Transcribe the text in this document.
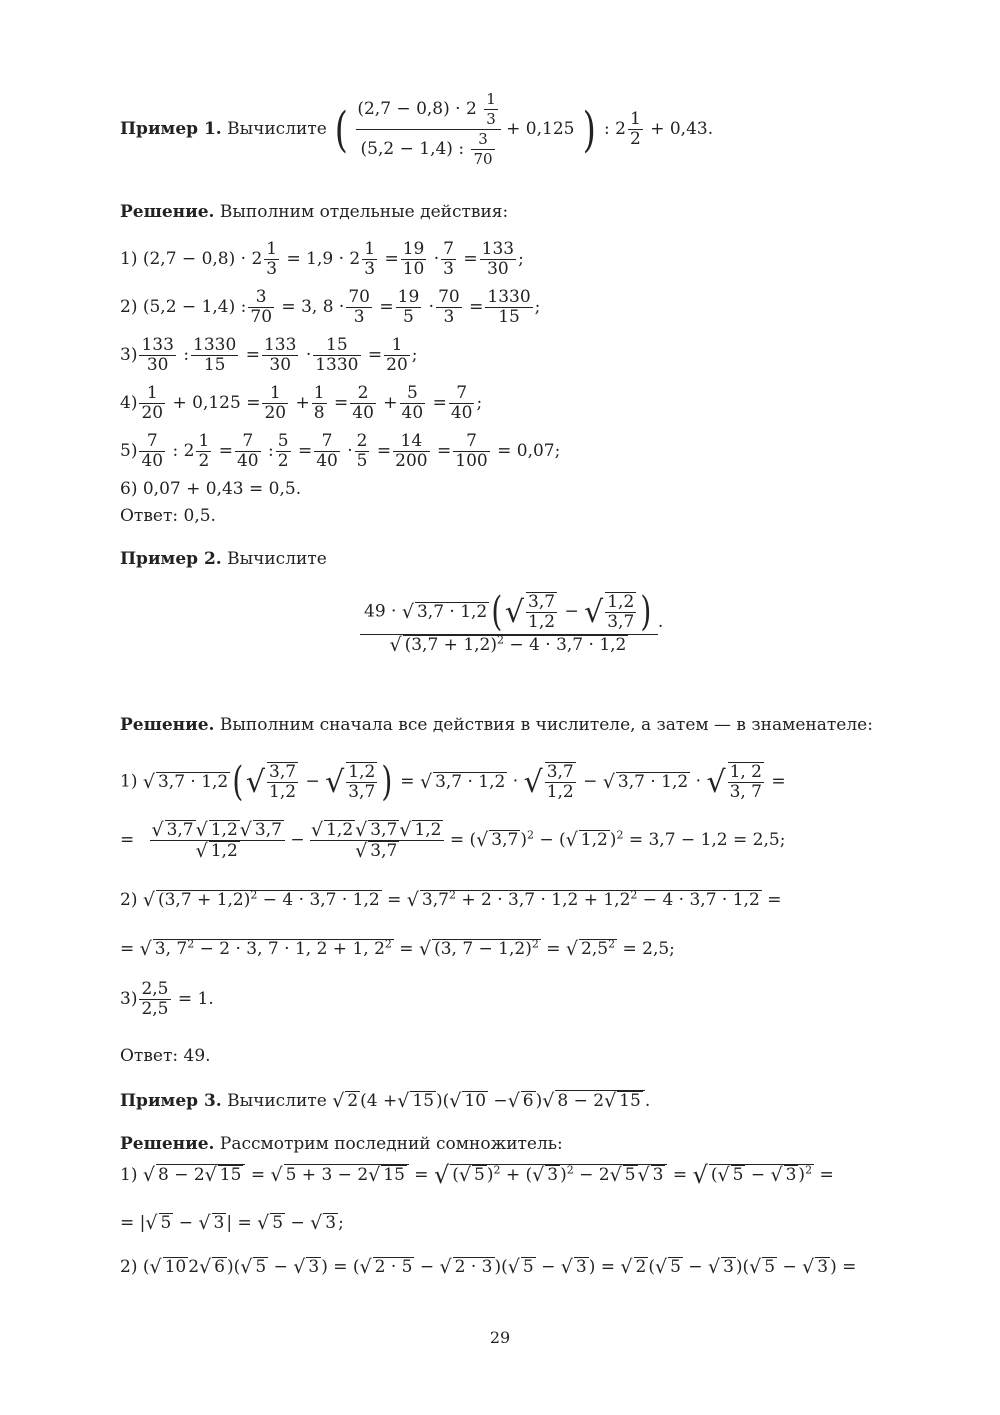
Пример 1. Вычислите ( $\frac{(2,7 - 0,8) \cdot 2 \frac{1}{3}}{(5,2 - 1,4) : \frac{3}{70}} + 0,125$ ) : $2 \frac{1}{2} + 0,43$.
Решение. Выполним отдельные действия:
1) $(2,7 - 0,8) \cdot 2 \frac{1}{3} = 1,9 \cdot 2 \frac{1}{3} = \frac{19}{10} \cdot \frac{7}{3} = \frac{133}{30}$ ;
2) (5,2 − 1,4) : $\frac{3}{70} = 3$, $8 \cdot \frac{70}{3} = \frac{19}{5} \cdot \frac{70}{3} = \frac{1330}{15}$ ;
$3) \frac{133}{30}$ : $\frac{1330}{15} = \frac{133}{30} \cdot \frac{15}{1330} = \frac{1}{20}$ ;
$4) \frac{1}{20} + 0,125 = \frac{1}{20} + \frac{1}{8} = \frac{2}{40} + \frac{5}{40} = \frac{7}{40}$ ;
$5) \frac{7}{40}$ : $2 \frac{1}{2} = \frac{7}{40}$ : $\frac{5}{2} = \frac{7}{40} \cdot \frac{2}{5} = \frac{14}{200} = \frac{7}{100} = 0,07$;
6) 0,07 + 0,43 = 0,5.
Ответ: 0,5.
Пример 2. Вычислите
$\frac{49 \cdot √ 3,7 \cdot 1,2 (√ \frac{3,7}{1,2} - √ \frac{1,2}{3,7} )}{√ (3,7 + 1,2)^2 - 4 \cdot 3,7 \cdot 1,2}$ .
Решение. Выполним сначала все действия в числителе, а затем — в знаменателе:
1) √ 3,7 · 1,2 (√ $\frac{3,7}{1,2}$ − √ $\frac{1,2}{3,7}$ ) = √ 3,7 · 1,2 · √ $\frac{3,7}{1,2}$ − √ 3,7 · 1,2 · √ $\frac{1, 2}{3, 7}$ =
= $\frac{√ 3,7 √ 1,2 √ 3,7}{√ 1,2} - \frac{√ 1,2 √ 3,7 √ 1,2}{√ 3,7}$ = (√ 3,7 )$^2$ − (√ 1,2 )$^2$ = 3,7 − 1,2 = 2,5;
2) √ $(3,7 + 1,2)^2 - 4 \cdot 3,7 \cdot 1,2$ = √ $3,7^2 + 2 \cdot 3,7 \cdot 1,2 + 1,2^2 - 4 \cdot 3,7 \cdot 1,2$ =
= √ 3, $7^2 - 2 \cdot 3$, 7 · 1, 2 + 1, $2^2$ = √ (3, 7 − 1,2)$^2$ = √ $2,5^2 = 2,5$;
$3) \frac{2,5}{2,5} = 1$.
Ответ: 49.
Пример 3. Вычислите √ 2 (4 +√ 15 )(√ 10 −√ 6 )√ 8 − 2√ 15 .
Решение. Рассмотрим последний сомножитель:
1) √ 8 − 2√ 15 = √ 5 + 3 − 2√ 15 = √ (√ 5 )$^2$ + (√ 3 )$^2$ − 2√ 5 √ 3 = √ (√ 5 − √ 3 )$^2$ =
= |√ 5 − √ 3 | = √ 5 − √ 3 ;
2) (√ 10 2√ 6 )(√ 5 − √ 3 ) = (√ 2 · 5 − √ 2 · 3 )(√ 5 − √ 3 ) = √ 2 (√ 5 − √ 3 )(√ 5 − √ 3 ) =
29
